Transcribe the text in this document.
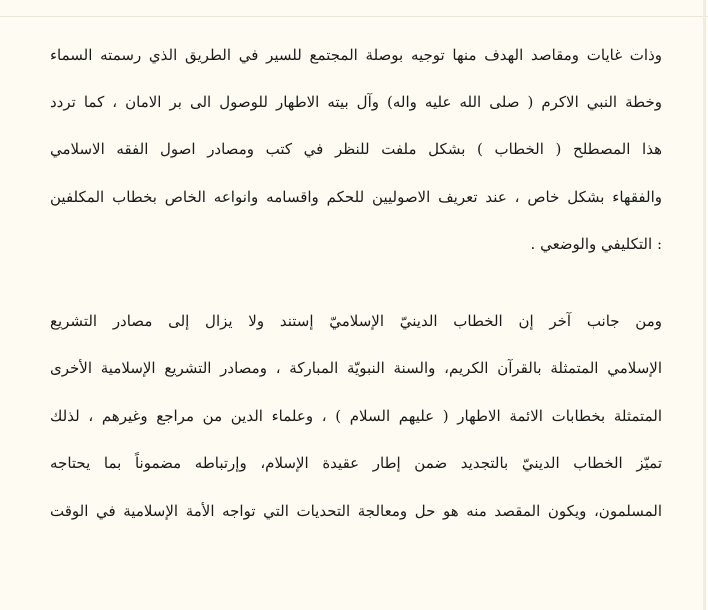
وذات غايات ومقاصد الهدف منها توجيه بوصلة المجتمع للسير في الطريق الذي رسمته السماء
وخطة النبي الاكرم ( صلى الله عليه واله) وآل بيته الاطهار للوصول الى بر الامان ، كما تردد
هذا المصطلح ( الخطاب ) بشكل ملفت للنظر في كتب ومصادر اصول الفقه الاسلامي
والفقهاء بشكل خاص ، عند تعريف الاصوليين للحكم واقسامه وانواعه الخاص بخطاب المكلفين
: التكليفي والوضعي .
ومن جانب آخر إن الخطاب الدينيّ الإسلاميّ إستند ولا يزال إلى مصادر التشريع
الإسلامي المتمثلة بالقرآن الكريم، والسنة النبويّة المباركة ، ومصادر التشريع الإسلامية الأخرى
المتمثلة بخطابات الائمة الاطهار ( عليهم السلام ) ، وعلماء الدين من مراجع وغيرهم ، لذلك
تميّز الخطاب الدينيّ بالتجديد ضمن إطار عقيدة الإسلام، وإرتباطه مضموناً بما يحتاجه
المسلمون، ويكون المقصد منه هو حل ومعالجة التحديات التي تواجه الأمة الإسلامية في الوقت
